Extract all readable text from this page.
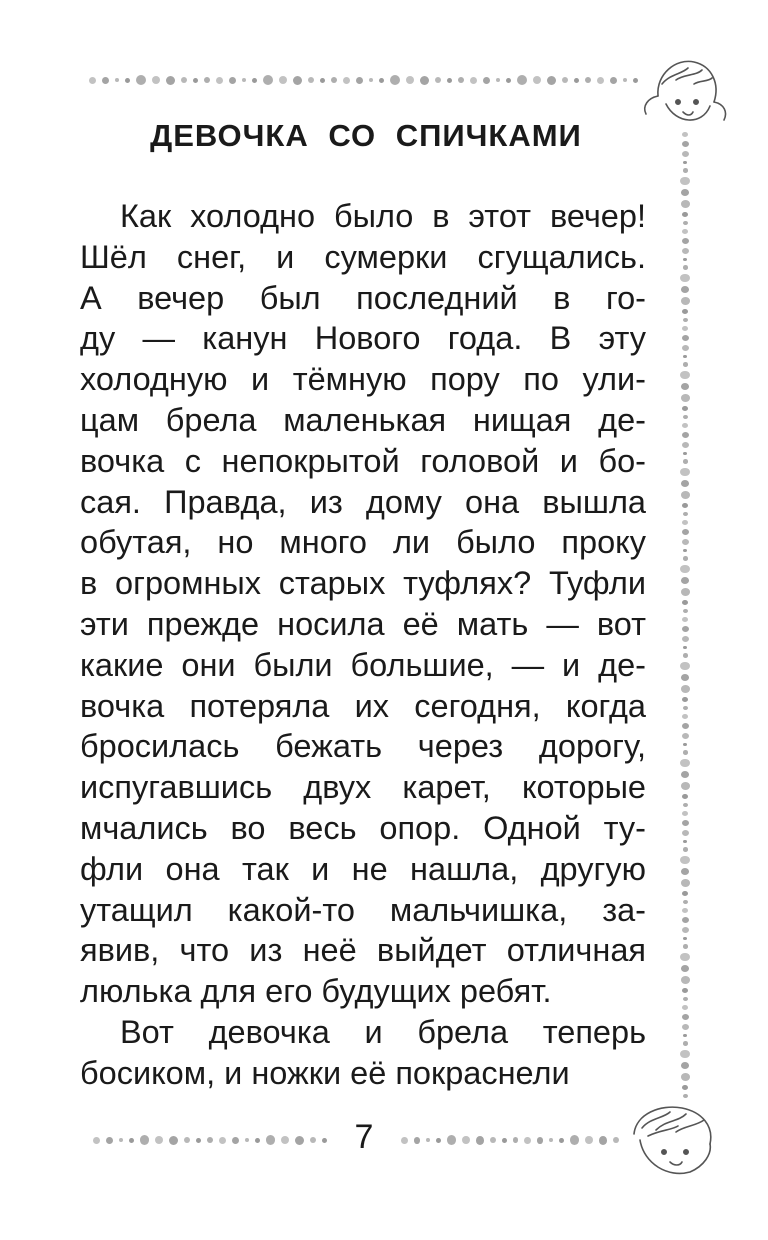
ДЕВОЧКА СО СПИЧКАМИ

Как холодно было в этот вечер!
Шёл снег, и сумерки сгущались.
А вечер был последний в го-
ду — канун Нового года. В эту
холодную и тёмную пору по ули-
цам брела маленькая нищая де-
вочка с непокрытой головой и бо-
сая. Правда, из дому она вышла
обутая, но много ли было проку
в огромных старых туфлях? Туфли
эти прежде носила её мать — вот
какие они были большие, — и де-
вочка потеряла их сегодня, когда
бросилась бежать через дорогу,
испугавшись двух карет, которые
мчались во весь опор. Одной ту-
фли она так и не нашла, другую
утащил какой-то мальчишка, за-
явив, что из неё выйдет отличная
люлька для его будущих ребят.

Вот девочка и брела теперь
босиком, и ножки её покраснели

7
